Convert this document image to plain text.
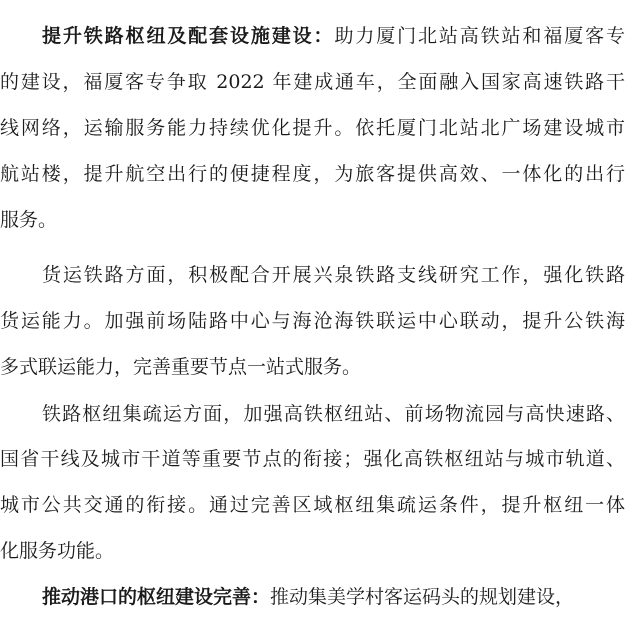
提升铁路枢纽及配套设施建设：助力厦门北站高铁站和福厦客专
的建设，福厦客专争取 2022 年建成通车，全面融入国家高速铁路干
线网络，运输服务能力持续优化提升。依托厦门北站北广场建设城市
航站楼，提升航空出行的便捷程度，为旅客提供高效、一体化的出行
服务。
货运铁路方面，积极配合开展兴泉铁路支线研究工作，强化铁路
货运能力。加强前场陆路中心与海沧海铁联运中心联动，提升公铁海
多式联运能力，完善重要节点一站式服务。
铁路枢纽集疏运方面，加强高铁枢纽站、前场物流园与高快速路、
国省干线及城市干道等重要节点的衔接；强化高铁枢纽站与城市轨道、
城市公共交通的衔接。通过完善区域枢纽集疏运条件，提升枢纽一体
化服务功能。
推动港口的枢纽建设完善：推动集美学村客运码头的规划建设，
